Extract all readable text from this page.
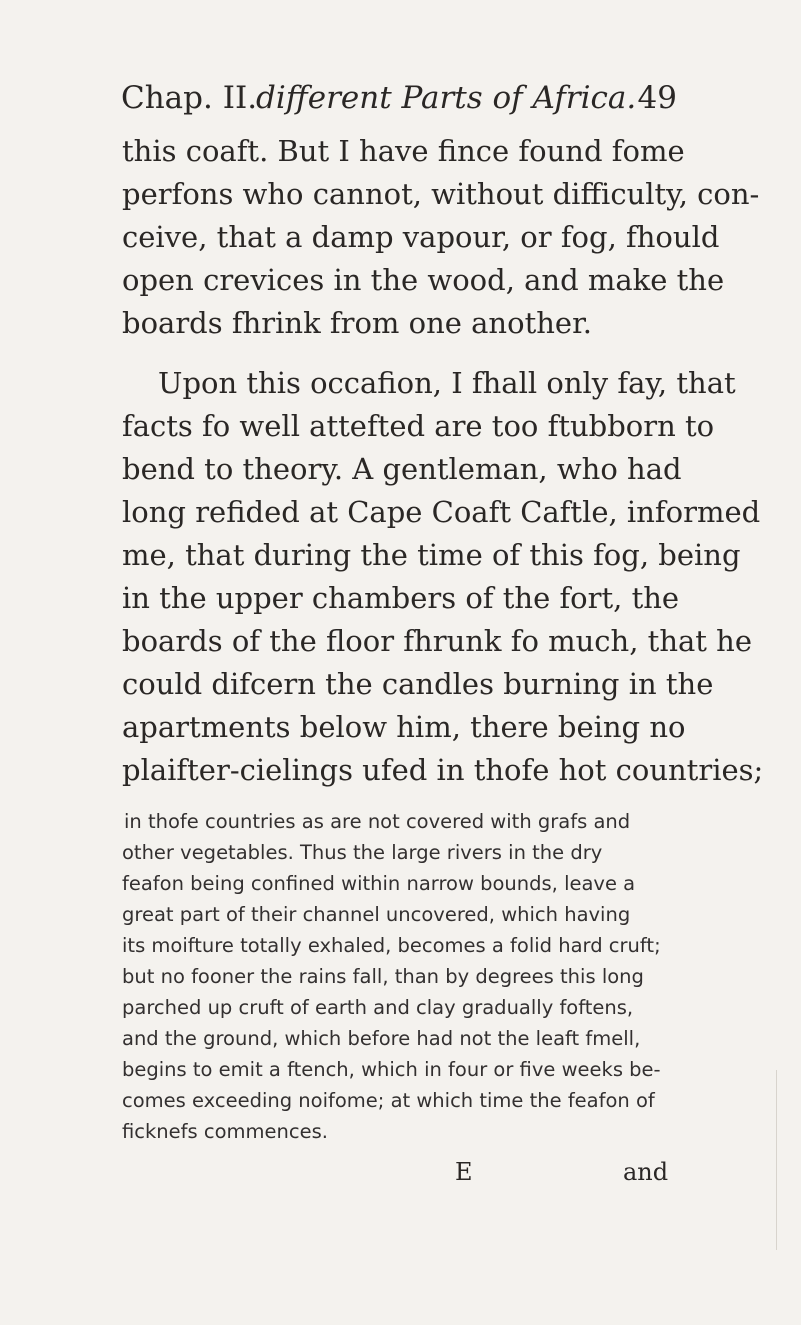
Chap. II.
different Parts of Africa. 49
this coaft. But I have fince found fome
perfons who cannot, without difficulty, con-
ceive, that a damp vapour, or fog, fhould
open crevices in the wood, and make the
boards fhrink from one another.
Upon this occafion, I fhall only fay, that
facts fo well attefted are too ftubborn to
bend to theory. A gentleman, who had
long refided at Cape Coaft Caftle, informed
me, that during the time of this fog, being
in the upper chambers of the fort, the
boards of the floor fhrunk fo much, that he
could difcern the candles burning in the
apartments below him, there being no
plaifter-cielings ufed in thofe hot countries;
in thofe countries as are not covered with grafs and
other vegetables. Thus the large rivers in the dry
feafon being confined within narrow bounds, leave a
great part of their channel uncovered, which having
its moifture totally exhaled, becomes a folid hard cruft;
but no fooner the rains fall, than by degrees this long
parched up cruft of earth and clay gradually foftens,
and the ground, which before had not the leaft fmell,
begins to emit a ftench, which in four or five weeks be-
comes exceeding noifome; at which time the feafon of
ficknefs commences.
E	and
